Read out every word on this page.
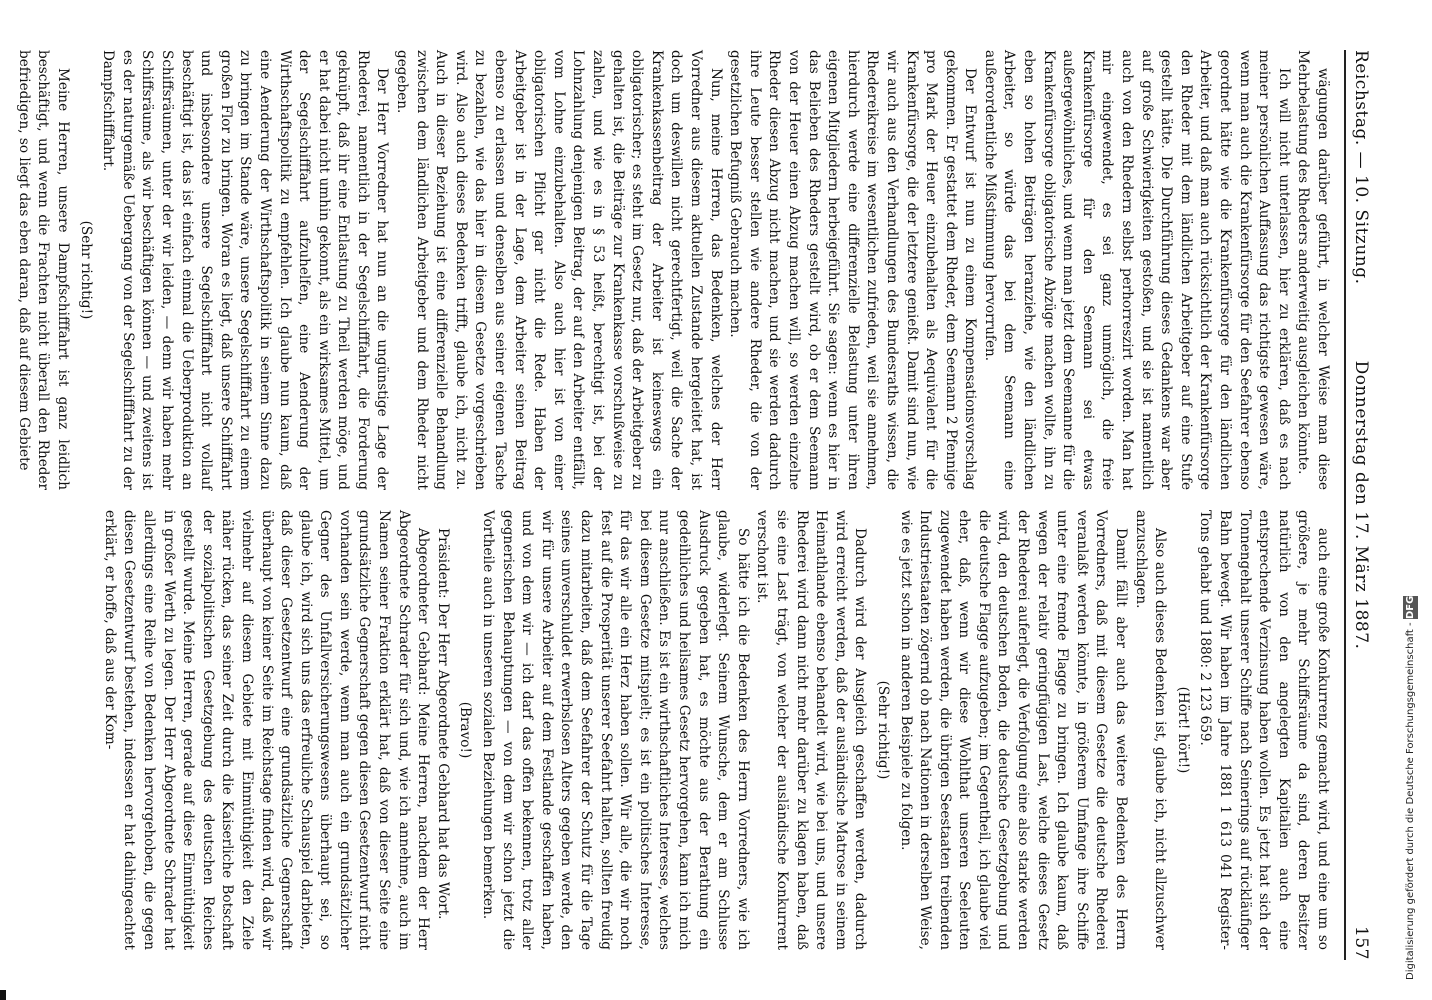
Reichstag. — 10. Sitzung.
Donnerstag den 17. März 1887.
157

wägungen darüber geführt, in welcher Weise man diese Mehrbelastung des Rheders anderweitig ausgleichen könnte.

Ich will nicht unterlassen, hier zu erklären, daß es nach meiner persönlichen Auffassung das richtigste gewesen wäre, wenn man auch die Krankenfürsorge für den Seefahrer ebenso geordnet hätte wie die Krankenfürsorge für den ländlichen Arbeiter, und daß man auch rücksichtlich der Krankenfürsorge den Rheder mit dem ländlichen Arbeitgeber auf eine Stufe gestellt hätte. Die Durchführung dieses Gedankens war aber auf große Schwierigkeiten gestoßen, und sie ist namentlich auch von den Rhedern selbst perhorreszirt worden. Man hat mir eingewendet, es sei ganz unmöglich, die freie Krankenfürsorge für den Seemann sei etwas außergewöhnliches, und wenn man jetzt dem Seemanne für die Krankenfürsorge obligatorische Abzüge machen wollte, ihn zu eben so hohen Beiträgen heranziehe, wie den ländlichen Arbeiter, so würde das bei dem Seemann eine außerordentliche Mißstimmung hervorrufen.

Der Entwurf ist nun zu einem Kompensationsvorschlag gekommen. Er gestattet dem Rheder, dem Seemann 2 Pfennige pro Mark der Heuer einzubehalten als Aequivalent für die Krankenfürsorge, die der letztere genießt. Damit sind nun, wie wir auch aus den Verhandlungen des Bundesraths wissen, die Rhedereikreise im wesentlichen zufrieden, weil sie annehmen, hierdurch werde eine differenzielle Belastung unter ihren eigenen Mitgliedern herbeigeführt. Sie sagen: wenn es hier in das Belieben des Rheders gestellt wird, ob er dem Seemann von der Heuer einen Abzug machen will, so werden einzelne Rheder diesen Abzug nicht machen, und sie werden dadurch ihre Leute besser stellen wie andere Rheder, die von der gesetzlichen Befugniß Gebrauch machen.

Nun, meine Herren, das Bedenken, welches der Herr Vorredner aus diesem aktuellen Zustande hergeleitet hat, ist doch um deswillen nicht gerechtfertigt, weil die Sache der Krankenkassenbeitrag der Arbeiter ist keineswegs ein obligatorischer; es steht im Gesetz nur, daß der Arbeitgeber zu gehalten ist, die Beiträge zur Krankenkasse vorschußweise zu zahlen, und wie es in § 53 heißt, berechtigt ist, bei der Lohnzahlung denjenigen Beitrag, der auf den Arbeiter entfällt, vom Lohne einzubehalten. Also auch hier ist von einer obligatorischen Pflicht gar nicht die Rede. Haben der Arbeitgeber ist in der Lage, dem Arbeiter seinen Beitrag ebenso zu erlassen und denselben aus seiner eigenen Tasche zu bezahlen, wie das hier in diesem Gesetze vorgeschrieben wird. Also auch dieses Bedenken trifft, glaube ich, nicht zu. Auch in dieser Beziehung ist eine differenzielle Behandlung zwischen dem ländlichen Arbeitgeber und dem Rheder nicht gegeben.

Der Herr Vorredner hat nun an die ungünstige Lage der Rhederei, namentlich in der Segelschifffahrt, die Forderung geknüpft, daß ihr eine Entlastung zu Theil werden möge, und er hat dabei nicht umhin gekonnt, als ein wirksames Mittel, um der Segelschifffahrt aufzuhelfen, eine Aenderung der Wirthschaftspolitik zu empfehlen. Ich glaube nun kaum, daß eine Aenderung der Wirthschaftspolitik in seinem Sinne dazu zu bringen im Stande wäre, unsere Segelschifffahrt zu einem großen Flor zu bringen. Woran es liegt, daß unsere Schifffahrt und insbesondere unsere Segelschifffahrt nicht vollauf beschäftigt ist, das ist einfach einmal die Ueberproduktion an Schiffsräumen, unter der wir leiden, — denn wir haben mehr Schiffsräume, als wir beschäftigen können — und zweitens ist es der naturgemäße Uebergang von der Segelschifffahrt zu der Dampfschifffahrt.

(Sehr richtig!)

Meine Herren, unsere Dampfschifffahrt ist ganz leidlich beschäftigt, und wenn die Frachten nicht überall den Rheder befriedigen, so liegt das eben daran, daß auf diesem Gebiete

auch eine große Konkurrenz gemacht wird, und eine um so größere, je mehr Schiffsräume da sind, deren Besitzer natürlich von den angelegten Kapitalien auch eine entsprechende Verzinsung haben wollen. Es jetzt hat sich der Tonnengehalt unserer Schiffe nach Seinerings auf rückläufiger Bahn bewegt. Wir haben im Jahre 1881 1 613 041 Register-Tons gehabt und 1880: 2 123 659.

(Hört! hört!)

Also auch dieses Bedenken ist, glaube ich, nicht allzuschwer anzuschlagen.

Damit fällt aber auch das weitere Bedenken des Herrn Vorredners, daß mit diesem Gesetze die deutsche Rhederei veranlaßt werden könnte, in größerem Umfange ihre Schiffe unter eine fremde Flagge zu bringen. Ich glaube kaum, daß wegen der relativ geringfügigen Last, welche dieses Gesetz der Rhederei auferlegt, die Verfolgung eine also starke werden wird, den deutschen Boden, die deutsche Gesetzgebung und die deutsche Flagge aufzugeben; im Gegentheil, ich glaube viel eher, daß, wenn wir diese Wohlthat unseren Seeleuten zugewendet haben werden, die übrigen Seestaaten treibenden Industriestaaten zögernd ob nach Nationen in derselben Weise, wie es jetzt schon in anderen Beispiele zu folgen.

(Sehr richtig!)

Dadurch wird der Ausgleich geschaffen werden, dadurch wird erreicht werden, daß der ausländische Matrose in seinem Heimathlande ebenso behandelt wird, wie bei uns, und unsere Rhederei wird dann nicht mehr darüber zu klagen haben, daß sie eine Last trägt, von welcher der ausländische Konkurrent verschont ist.

So hätte ich die Bedenken des Herrn Vorredners, wie ich glaube, widerlegt. Seinem Wunsche, dem er am Schlusse Ausdruck gegeben hat, es möchte aus der Berathung ein gedeihliches und heilsames Gesetz hervorgehen, kann ich mich nur anschließen. Es ist ein wirthschaftliches Interesse, welches bei diesem Gesetze mitspielt; es ist ein politisches Interesse, für das wir alle ein Herz haben sollen. Wir alle, die wir noch fest auf die Prosperität unserer Seefahrt halten, sollten freudig dazu mitarbeiten, daß dem Seefahrer der Schutz für die Tage seines unverschuldet erwerbslosen Alters gegeben werde, den wir für unsere Arbeiter auf dem Festlande geschaffen haben, und von dem wir — ich darf das offen bekennen, trotz aller gegnerischen Behauptungen — von dem wir schon jetzt die Vortheile auch in unseren sozialen Beziehungen bemerken.

(Bravo!)

Präsident: Der Herr Abgeordnete Gebhard hat das Wort.

Abgeordneter Gebhard: Meine Herren, nachdem der Herr Abgeordnete Schrader für sich und, wie ich annehme, auch im Namen seiner Fraktion erklärt hat, daß von dieser Seite eine grundsätzliche Gegnerschaft gegen diesen Gesetzentwurf nicht vorhanden sein werde, wenn man auch ein grundsätzlicher Gegner des Unfallversicherungswesens überhaupt sei, so glaube ich, wird sich uns das erfreuliche Schauspiel darbieten, daß dieser Gesetzentwurf eine grundsätzliche Gegnerschaft überhaupt von keiner Seite im Reichstage finden wird, daß wir vielmehr auf diesem Gebiete mit Einmüthigkeit den Ziele näher rücken, das seiner Zeit durch die Kaiserliche Botschaft der sozialpolitischen Gesetzgebung des deutschen Reiches gestellt wurde. Meine Herren, gerade auf diese Einmüthigkeit in großer Werth zu legen. Der Herr Abgeordnete Schrader hat allerdings eine Reihe von Bedenken hervorgehoben, die gegen diesen Gesetzentwurf bestehen, indessen er hat dahingeachtet erklärt, er hoffe, daß aus der Kom-	Digitalisierung gefördert durch die Deutsche Forschungsgemeinschaft - DFG
